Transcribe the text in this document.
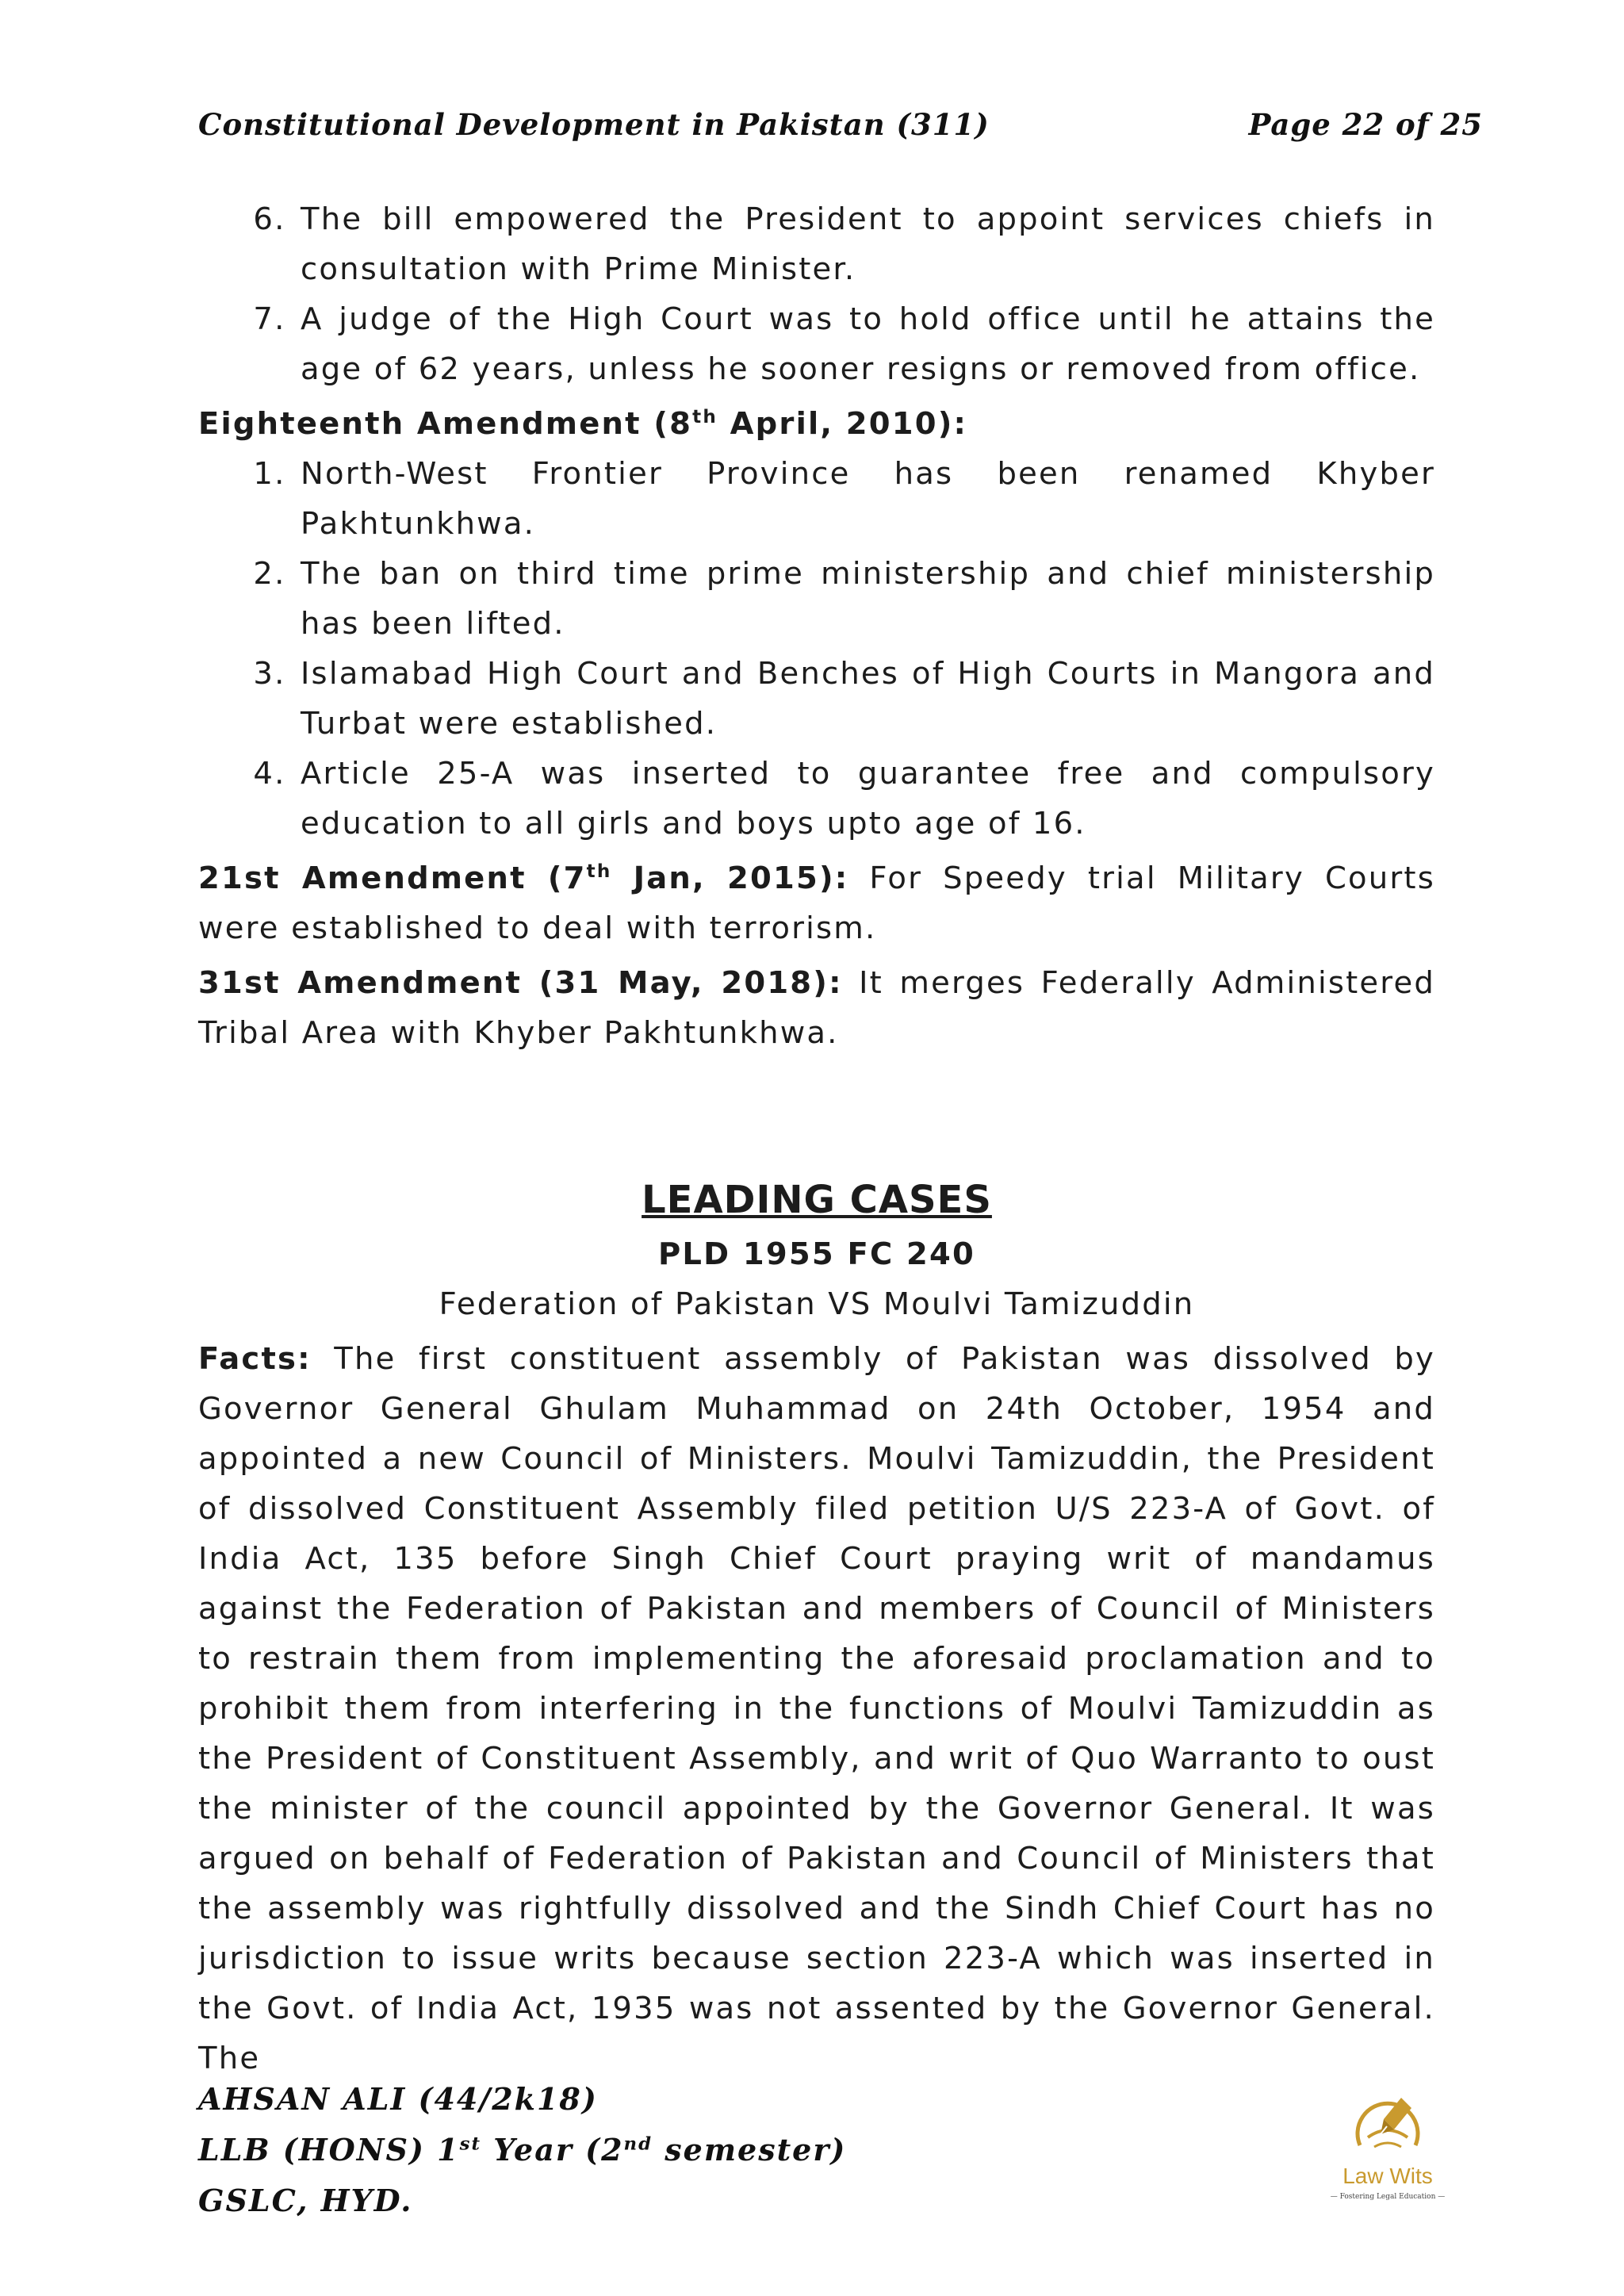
Constitutional Development in Pakistan (311)	Page 22 of 25
6. The bill empowered the President to appoint services chiefs in consultation with Prime Minister.
7. A judge of the High Court was to hold office until he attains the age of 62 years, unless he sooner resigns or removed from office.
Eighteenth Amendment (8th April, 2010):
1. North-West Frontier Province has been renamed Khyber Pakhtunkhwa.
2. The ban on third time prime ministership and chief ministership has been lifted.
3. Islamabad High Court and Benches of High Courts in Mangora and Turbat were established.
4. Article 25-A was inserted to guarantee free and compulsory education to all girls and boys upto age of 16.
21st Amendment (7th Jan, 2015): For Speedy trial Military Courts were established to deal with terrorism.
31st Amendment (31 May, 2018): It merges Federally Administered Tribal Area with Khyber Pakhtunkhwa.
LEADING CASES
PLD 1955 FC 240
Federation of Pakistan VS Moulvi Tamizuddin
Facts: The first constituent assembly of Pakistan was dissolved by Governor General Ghulam Muhammad on 24th October, 1954 and appointed a new Council of Ministers. Moulvi Tamizuddin, the President of dissolved Constituent Assembly filed petition U/S 223-A of Govt. of India Act, 135 before Singh Chief Court praying writ of mandamus against the Federation of Pakistan and members of Council of Ministers to restrain them from implementing the aforesaid proclamation and to prohibit them from interfering in the functions of Moulvi Tamizuddin as the President of Constituent Assembly, and writ of Quo Warranto to oust the minister of the council appointed by the Governor General. It was argued on behalf of Federation of Pakistan and Council of Ministers that the assembly was rightfully dissolved and the Sindh Chief Court has no jurisdiction to issue writs because section 223-A which was inserted in the Govt. of India Act, 1935 was not assented by the Governor General. The
AHSAN ALI (44/2k18)
LLB (HONS) 1st Year (2nd semester)
GSLC, HYD.
Law Wits
— Fostering Legal Education —
